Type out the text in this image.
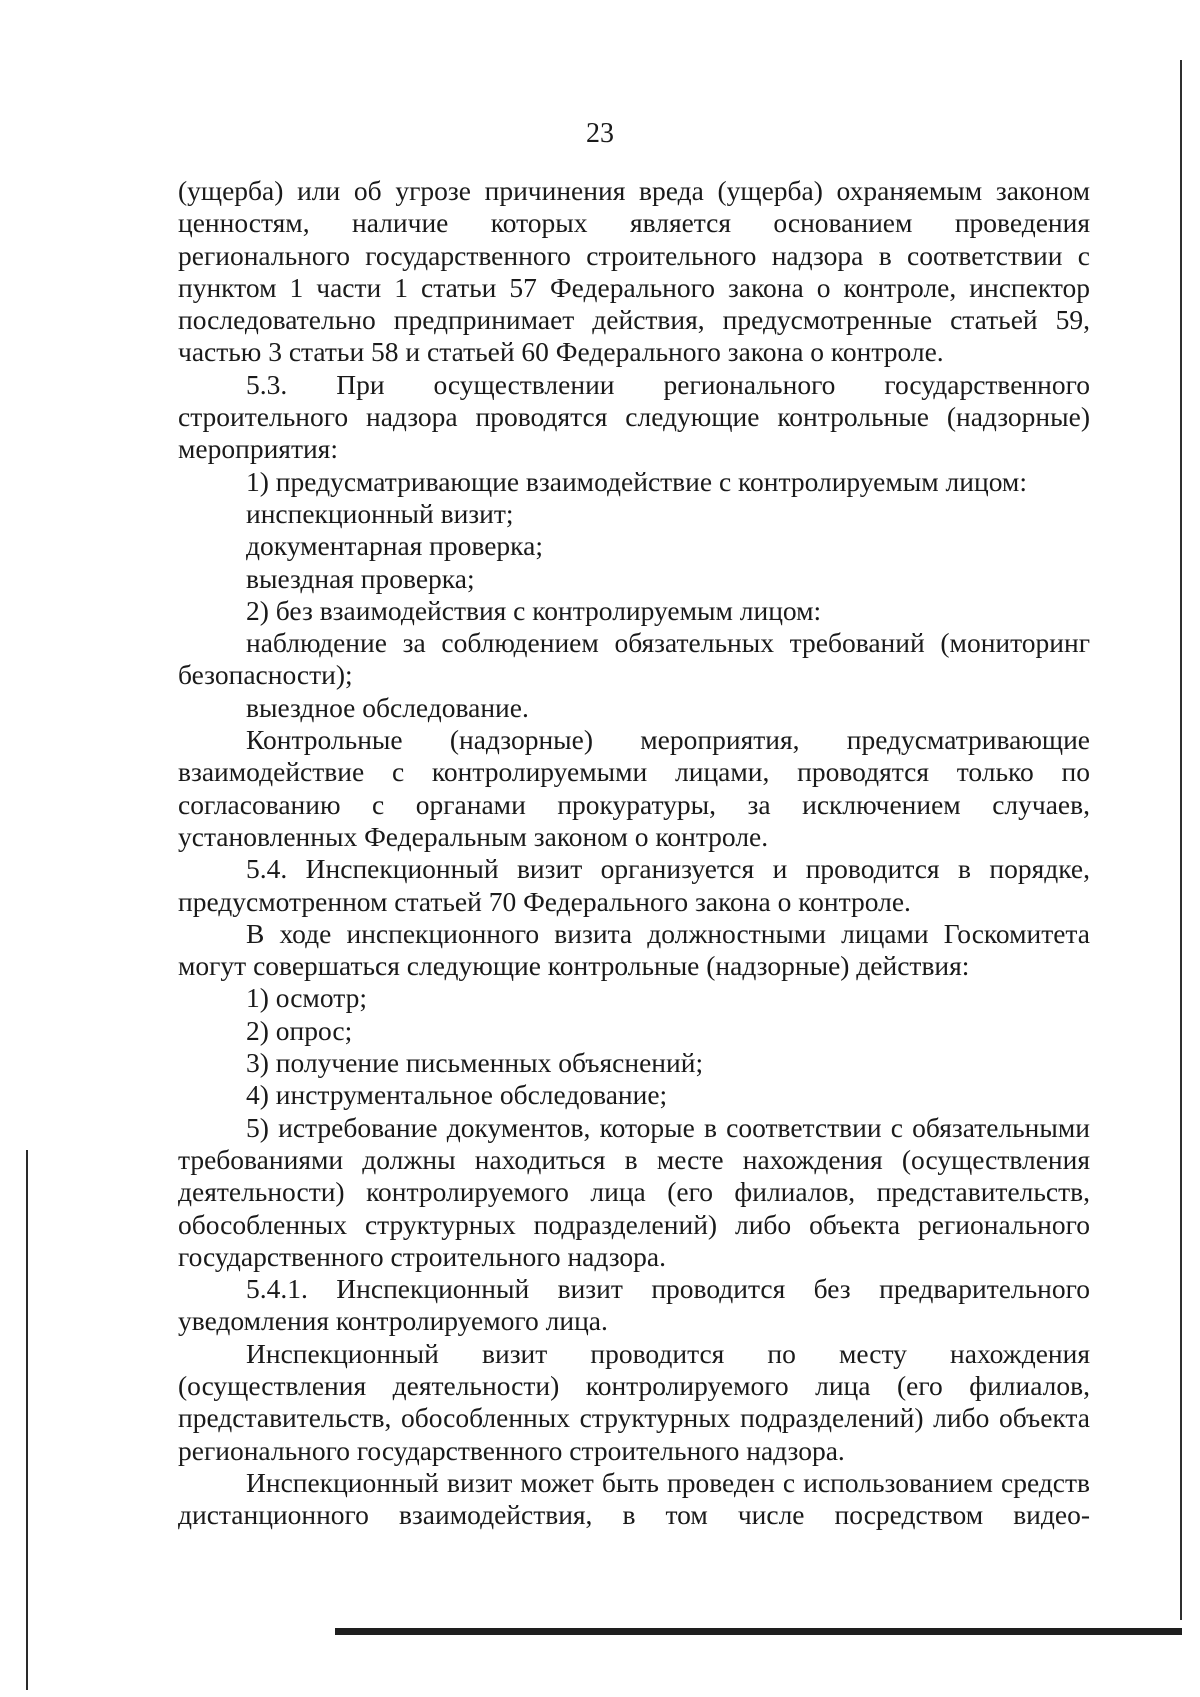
23

(ущерба) или об угрозе причинения вреда (ущерба) охраняемым законом ценностям, наличие которых является основанием проведения регионального государственного строительного надзора в соответствии с пунктом 1 части 1 статьи 57 Федерального закона о контроле, инспектор последовательно предпринимает действия, предусмотренные статьей 59, частью 3 статьи 58 и статьей 60 Федерального закона о контроле.

5.3. При осуществлении регионального государственного строительного надзора проводятся следующие контрольные (надзорные) мероприятия:

1) предусматривающие взаимодействие с контролируемым лицом:

инспекционный визит;

документарная проверка;

выездная проверка;

2) без взаимодействия с контролируемым лицом:

наблюдение за соблюдением обязательных требований (мониторинг безопасности);

выездное обследование.

Контрольные (надзорные) мероприятия, предусматривающие взаимодействие с контролируемыми лицами, проводятся только по согласованию с органами прокуратуры, за исключением случаев, установленных Федеральным законом о контроле.

5.4. Инспекционный визит организуется и проводится в порядке, предусмотренном статьей 70 Федерального закона о контроле.

В ходе инспекционного визита должностными лицами Госкомитета могут совершаться следующие контрольные (надзорные) действия:

1) осмотр;

2) опрос;

3) получение письменных объяснений;

4) инструментальное обследование;

5) истребование документов, которые в соответствии с обязательными требованиями должны находиться в месте нахождения (осуществления деятельности) контролируемого лица (его филиалов, представительств, обособленных структурных подразделений) либо объекта регионального государственного строительного надзора.

5.4.1. Инспекционный визит проводится без предварительного уведомления контролируемого лица.

Инспекционный визит проводится по месту нахождения (осуществления деятельности) контролируемого лица (его филиалов, представительств, обособленных структурных подразделений) либо объекта регионального государственного строительного надзора.

Инспекционный визит может быть проведен с использованием средств дистанционного взаимодействия, в том числе посредством видео-
